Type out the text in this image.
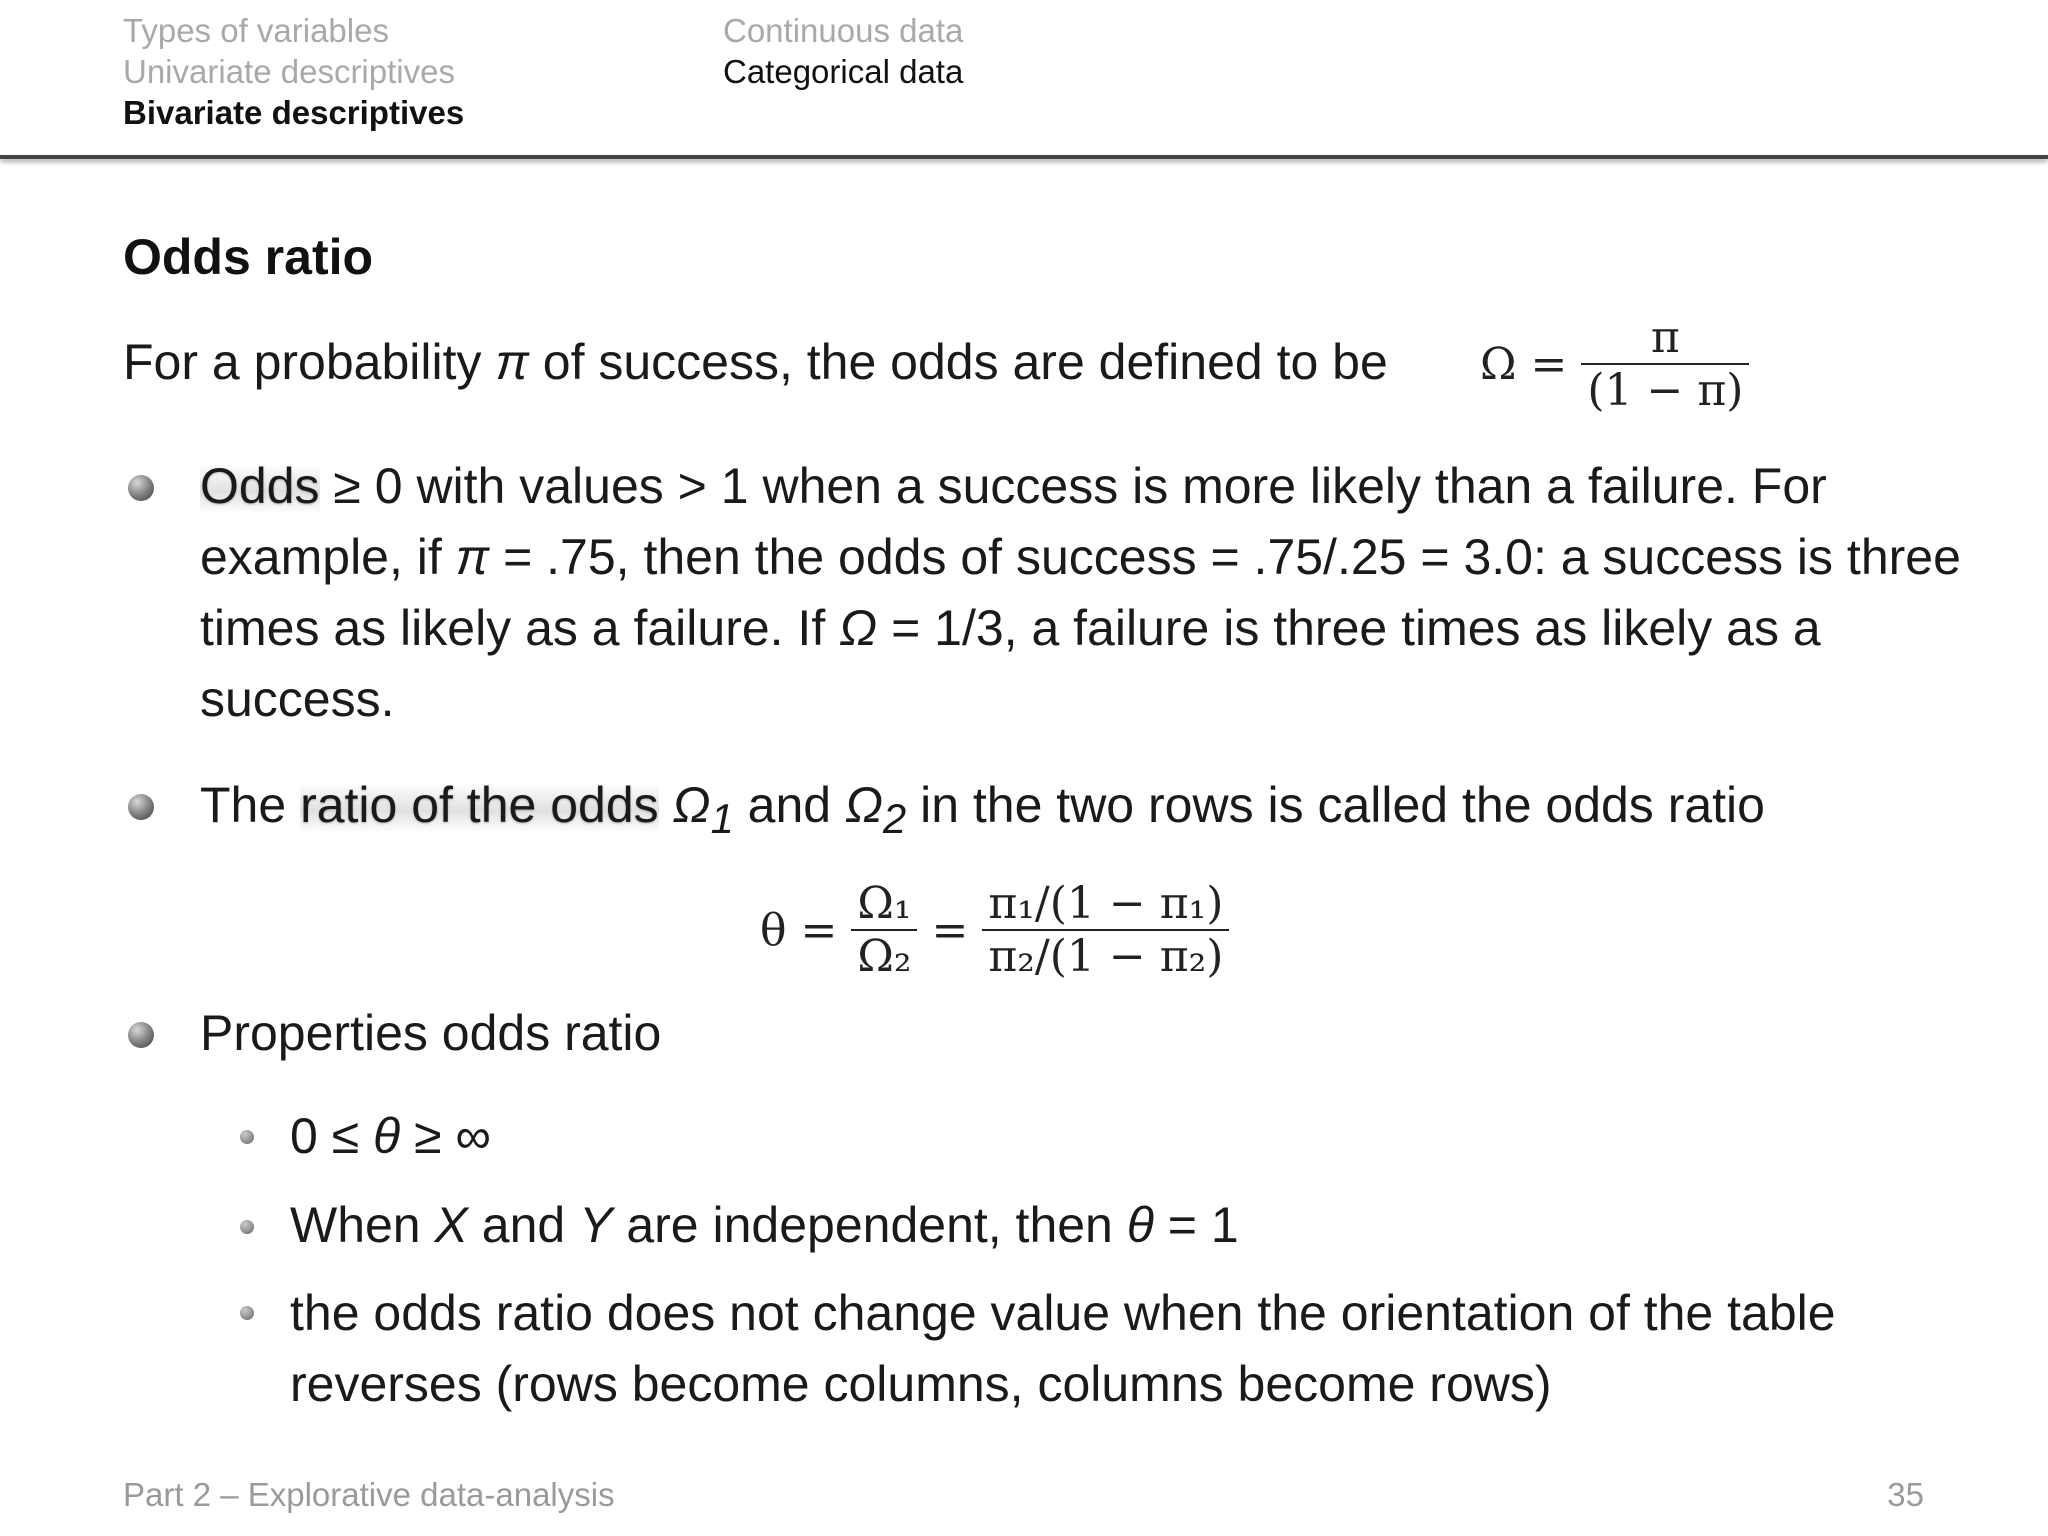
Types of variables
Univariate descriptives
Bivariate descriptives
Continuous data
Categorical data
Odds ratio
For a probability π of success, the odds are defined to be $\Omega = \frac{\pi}{(1 - \pi)}$
Odds ≥ 0 with values > 1 when a success is more likely than a failure. For example, if π = .75, then the odds of success = .75/.25 = 3.0: a success is three times as likely as a failure. If Ω = 1/3, a failure is three times as likely as a success.
The ratio of the odds $\Omega_1$ and $\Omega_2$ in the two rows is called the odds ratio
$\theta = \frac{\text{Ω₁}}{\text{Ω₂}} = \frac{\text{π₁/(1 − π₁)}}{\text{π₂/(1 − π₂)}}$
Properties odds ratio
0 ≤ θ ≥ ∞
When X and Y are independent, then θ = 1
the odds ratio does not change value when the orientation of the table reverses (rows become columns, columns become rows)
Part 2 – Explorative data-analysis	35
